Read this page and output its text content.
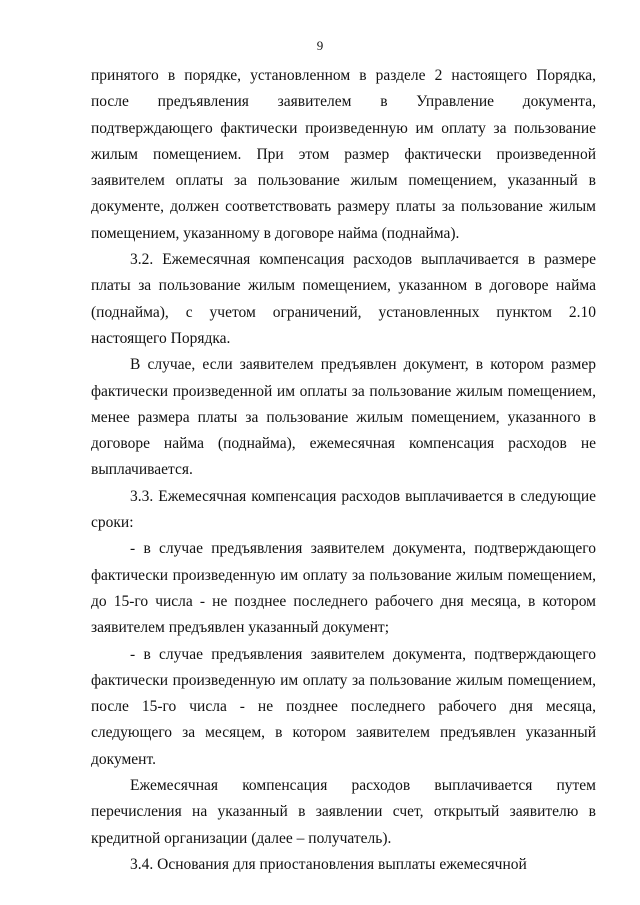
9

принятого в порядке, установленном в разделе 2 настоящего Порядка, после предъявления заявителем в Управление документа, подтверждающего фактически произведенную им оплату за пользование жилым помещением. При этом размер фактически произведенной заявителем оплаты за пользование жилым помещением, указанный в документе, должен соответствовать размеру платы за пользование жилым помещением, указанному в договоре найма (поднайма).

3.2. Ежемесячная компенсация расходов выплачивается в размере платы за пользование жилым помещением, указанном в договоре найма (поднайма), с учетом ограничений, установленных пунктом 2.10 настоящего Порядка.

В случае, если заявителем предъявлен документ, в котором размер фактически произведенной им оплаты за пользование жилым помещением, менее размера платы за пользование жилым помещением, указанного в договоре найма (поднайма), ежемесячная компенсация расходов не выплачивается.

3.3. Ежемесячная компенсация расходов выплачивается в следующие сроки:

- в случае предъявления заявителем документа, подтверждающего фактически произведенную им оплату за пользование жилым помещением, до 15-го числа - не позднее последнего рабочего дня месяца, в котором заявителем предъявлен указанный документ;

- в случае предъявления заявителем документа, подтверждающего фактически произведенную им оплату за пользование жилым помещением, после 15-го числа - не позднее последнего рабочего дня месяца, следующего за месяцем, в котором заявителем предъявлен указанный документ.

Ежемесячная компенсация расходов выплачивается путем перечисления на указанный в заявлении счет, открытый заявителю в кредитной организации (далее – получатель).

3.4. Основания для приостановления выплаты ежемесячной
